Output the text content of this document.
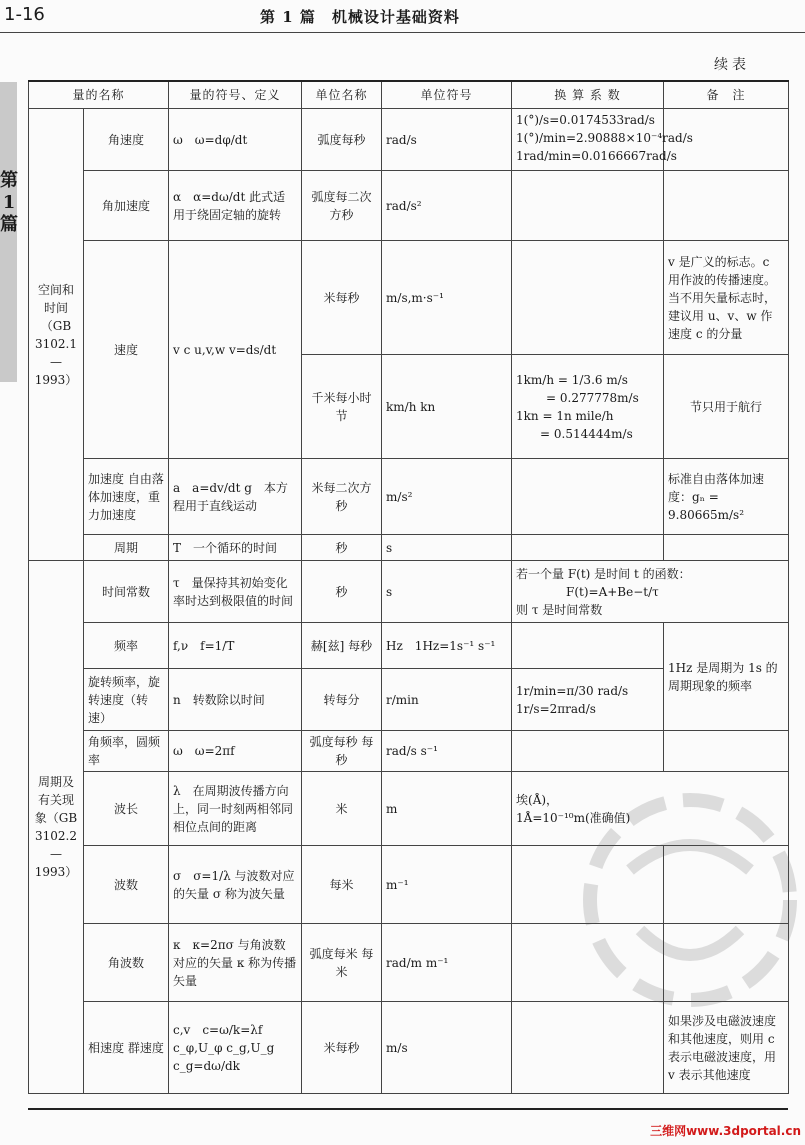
1-16	第 1 篇　机械设计基础资料
续表
第
1
篇
量的名称		量的符号、定义	单位名称	单位符号	换 算 系 数	备　注
空间和时间（GB 3102.1—1993）	角速度	ω　ω=dφ/dt	弧度每秒	rad/s	1(°)/s=0.0174533rad/s
1(°)/min=2.90888×10⁻⁴rad/s
1rad/min=0.0166667rad/s	

	角加速度	α　α=dω/dt 此式适用于绕固定轴的旋转	弧度每二次方秒	rad/s²		
	速度	v c u,v,w v=ds/dt	米每秒	m/s,m·s⁻¹		v 是广义的标志。c 用作波的传播速度。当不用矢量标志时，建议用 u、v、w 作速度 c 的分量
			千米每小时 节	km/h kn	1km/h = 1/3.6 m/s
= 0.277778m/s
1kn = 1n mile/h
= 0.514444m/s	节只用于航行
	加速度 自由落体加速度，重力加速度	a　a=dv/dt g　本方程用于直线运动	米每二次方秒	m/s²		标准自由落体加速度：gₙ = 9.80665m/s²
	周期	T　一个循环的时间	秒	s		
周期及有关现象（GB 3102.2—1993）	时间常数	τ　量保持其初始变化率时达到极限值的时间	秒	s	若一个量 F(t) 是时间 t 的函数：
F(t)=A+Be−t/τ
则 τ 是时间常数	

	频率	f,ν　f=1/T	赫[兹] 每秒	Hz　1Hz=1s⁻¹ s⁻¹		1Hz 是周期为 1s 的周期现象的频率
	旋转频率，旋转速度（转速）	n　转数除以时间	转每分	r/min	1r/min=π/30 rad/s
1r/s=2πrad/s	

	角频率，圆频率	ω　ω=2πf	弧度每秒 每秒	rad/s s⁻¹		
	波长	λ　在周期波传播方向上，同一时刻两相邻同相位点间的距离	米	m	埃(Å)，
1Å=10⁻¹⁰m(准确值)	

	波数	σ　σ=1/λ 与波数对应的矢量 σ 称为波矢量	每米	m⁻¹		
	角波数	κ　κ=2πσ 与角波数对应的矢量 κ 称为传播矢量	弧度每米 每米	rad/m m⁻¹		
	相速度 群速度	c,v　c=ω/k=λf c_φ,U_φ c_g,U_g　c_g=dω/dk	米每秒	m/s		如果涉及电磁波速度和其他速度，则用 c 表示电磁波速度，用 v 表示其他速度
三维网www.3dportal.cn
